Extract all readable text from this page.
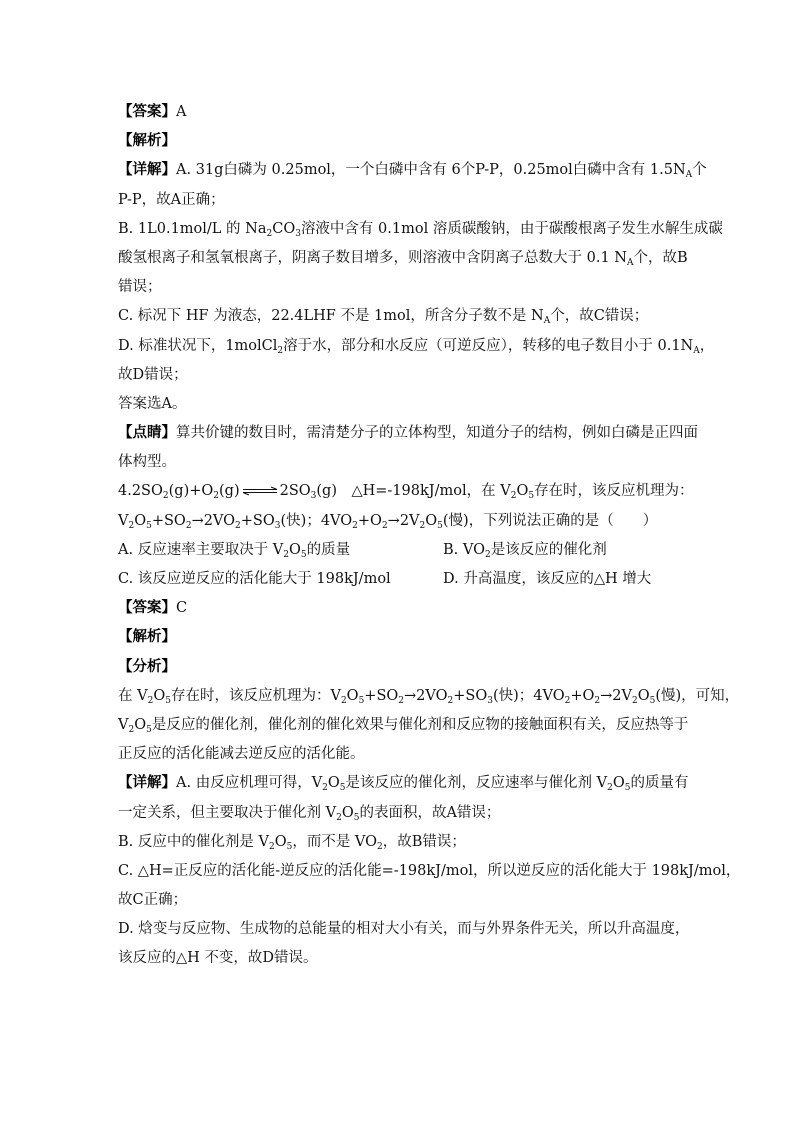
【答案】A
【解析】
【详解】A. 31g白磷为 0.25mol，一个白磷中含有 6个P-P，0.25mol白磷中含有 $1.5N_A$个
P-P，故A正确；
B. 1L0.1mol/L 的 $Na_2CO_3$溶液中含有 0.1mol 溶质碳酸钠，由于碳酸根离子发生水解生成碳
酸氢根离子和氢氧根离子，阴离子数目增多，则溶液中含阴离子总数大于 0.1 $N_A$个，故B
错误；
C. 标况下 HF 为液态，22.4LHF 不是 1mol，所含分子数不是 $N_A$个，故C错误；
D. 标准状况下，1molCl$_2$溶于水，部分和水反应（可逆反应），转移的电子数目小于 $0.1N_A$，
故D错误；
答案选A。
【点睛】算共价键的数目时，需清楚分子的立体构型，知道分子的结构，例如白磷是正四面
体构型。
$4.2SO_2(g)+O_2(g)$ ⇌ $2SO_3(g)$　△H=-198kJ/mol，在 $V_2O_5$存在时，该反应机理为：
$V_2O_5+SO_2\to 2VO_2+SO_3$(快)；$4VO_2+O_2\to 2V_2O_5$(慢)，下列说法正确的是（　　）
A. 反应速率主要取决于 $V_2O_5$的质量	B. $VO_2$是该反应的催化剂
C. 该反应逆反应的活化能大于 198kJ/mol	D. 升高温度，该反应的△H 增大
【答案】C
【解析】
【分析】
在 $V_2O_5$存在时，该反应机理为：$V_2O_5+SO_2\to 2VO_2+SO_3$(快)；$4VO_2+O_2\to 2V_2O_5$(慢)，可知，
$V_2O_5$是反应的催化剂，催化剂的催化效果与催化剂和反应物的接触面积有关，反应热等于
正反应的活化能减去逆反应的活化能。
【详解】A. 由反应机理可得，$V_2O_5$是该反应的催化剂，反应速率与催化剂 $V_2O_5$的质量有
一定关系，但主要取决于催化剂 $V_2O_5$的表面积，故A错误；
B. 反应中的催化剂是 $V_2O_5$，而不是 $VO_2$，故B错误；
C. △H=正反应的活化能-逆反应的活化能=-198kJ/mol，所以逆反应的活化能大于 198kJ/mol，
故C正确；
D. 焓变与反应物、生成物的总能量的相对大小有关，而与外界条件无关，所以升高温度，
该反应的△H 不变，故D错误。
